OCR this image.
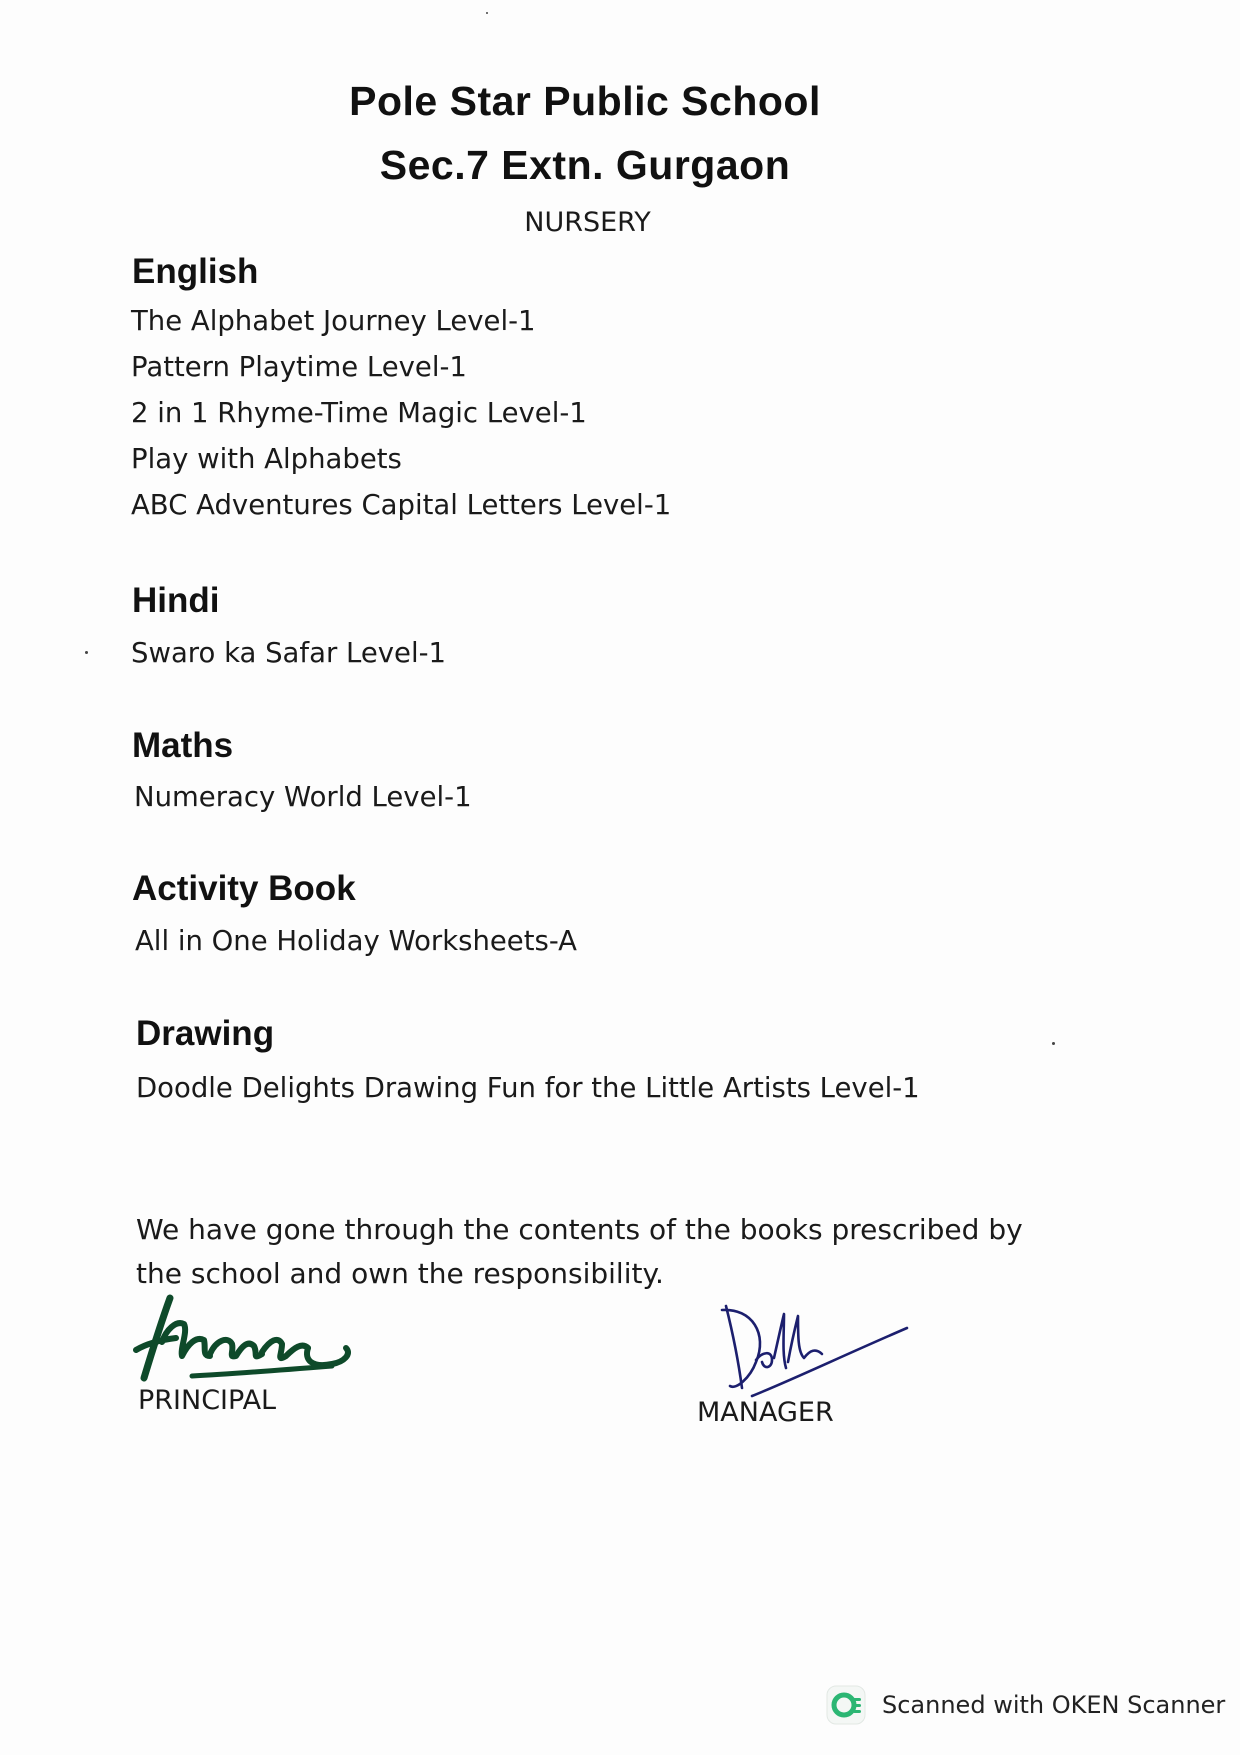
Pole Star Public School
Sec.7 Extn. Gurgaon
NURSERY
English
The Alphabet Journey Level-1
Pattern Playtime Level-1
2 in 1 Rhyme-Time Magic Level-1
Play with Alphabets
ABC Adventures Capital Letters Level-1
Hindi
Swaro ka Safar Level-1
Maths
Numeracy World Level-1
Activity Book
All in One Holiday Worksheets-A
Drawing
Doodle Delights Drawing Fun for the Little Artists Level-1
We have gone through the contents of the books prescribed by the school and own the responsibility.
PRINCIPAL	MANAGER
Scanned with OKEN Scanner
